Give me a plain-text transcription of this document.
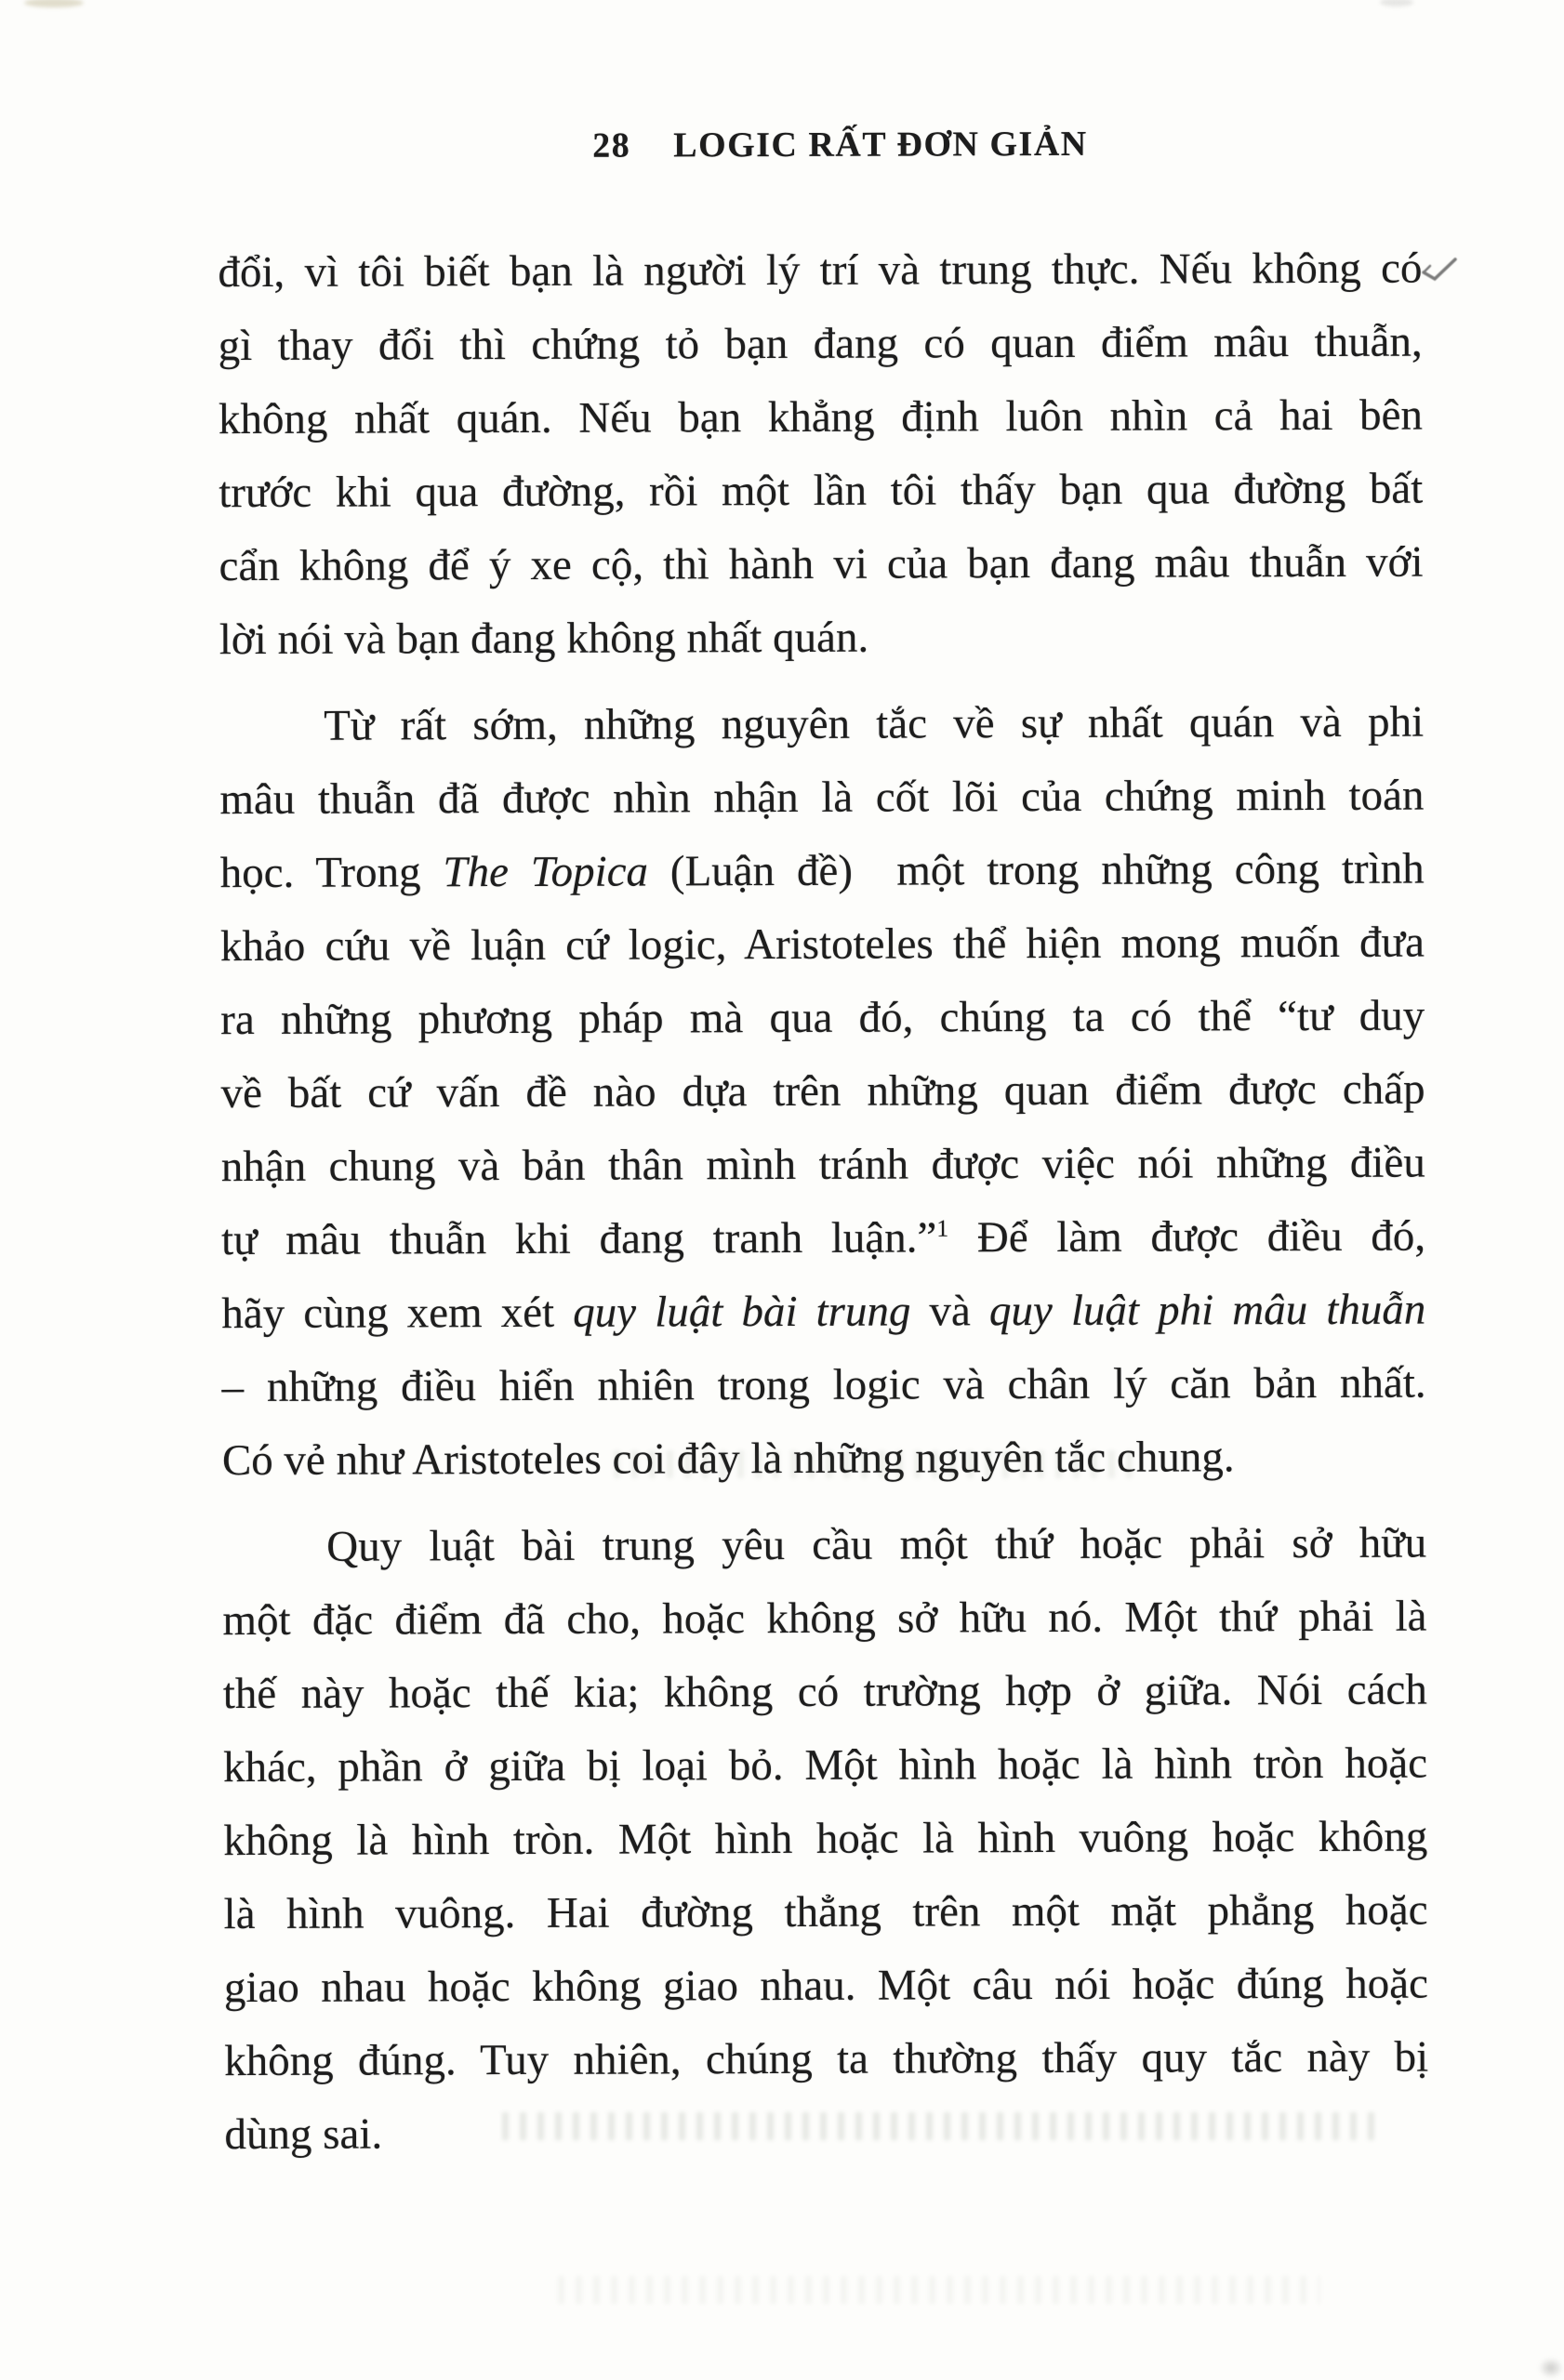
28 LOGIC RẤT ĐƠN GIẢN
đổi, vì tôi biết bạn là người lý trí và trung thực. Nếu không có
gì thay đổi thì chứng tỏ bạn đang có quan điểm mâu thuẫn,
không nhất quán. Nếu bạn khẳng định luôn nhìn cả hai bên
trước khi qua đường, rồi một lần tôi thấy bạn qua đường bất
cẩn không để ý xe cộ, thì hành vi của bạn đang mâu thuẫn với
lời nói và bạn đang không nhất quán.
Từ rất sớm, những nguyên tắc về sự nhất quán và phi
mâu thuẫn đã được nhìn nhận là cốt lõi của chứng minh toán
học. Trong The Topica (Luận đề)  một trong những công trình
khảo cứu về luận cứ logic, Aristoteles thể hiện mong muốn đưa
ra những phương pháp mà qua đó, chúng ta có thể “tư duy
về bất cứ vấn đề nào dựa trên những quan điểm được chấp
nhận chung và bản thân mình tránh được việc nói những điều
tự mâu thuẫn khi đang tranh luận.”$^1$ Để làm được điều đó,
hãy cùng xem xét quy luật bài trung và quy luật phi mâu thuẫn
– những điều hiển nhiên trong logic và chân lý căn bản nhất.
Có vẻ như Aristoteles coi đây là những nguyên tắc chung.
Quy luật bài trung yêu cầu một thứ hoặc phải sở hữu
một đặc điểm đã cho, hoặc không sở hữu nó. Một thứ phải là
thế này hoặc thế kia; không có trường hợp ở giữa. Nói cách
khác, phần ở giữa bị loại bỏ. Một hình hoặc là hình tròn hoặc
không là hình tròn. Một hình hoặc là hình vuông hoặc không
là hình vuông. Hai đường thẳng trên một mặt phẳng hoặc
giao nhau hoặc không giao nhau. Một câu nói hoặc đúng hoặc
không đúng. Tuy nhiên, chúng ta thường thấy quy tắc này bị
dùng sai.
